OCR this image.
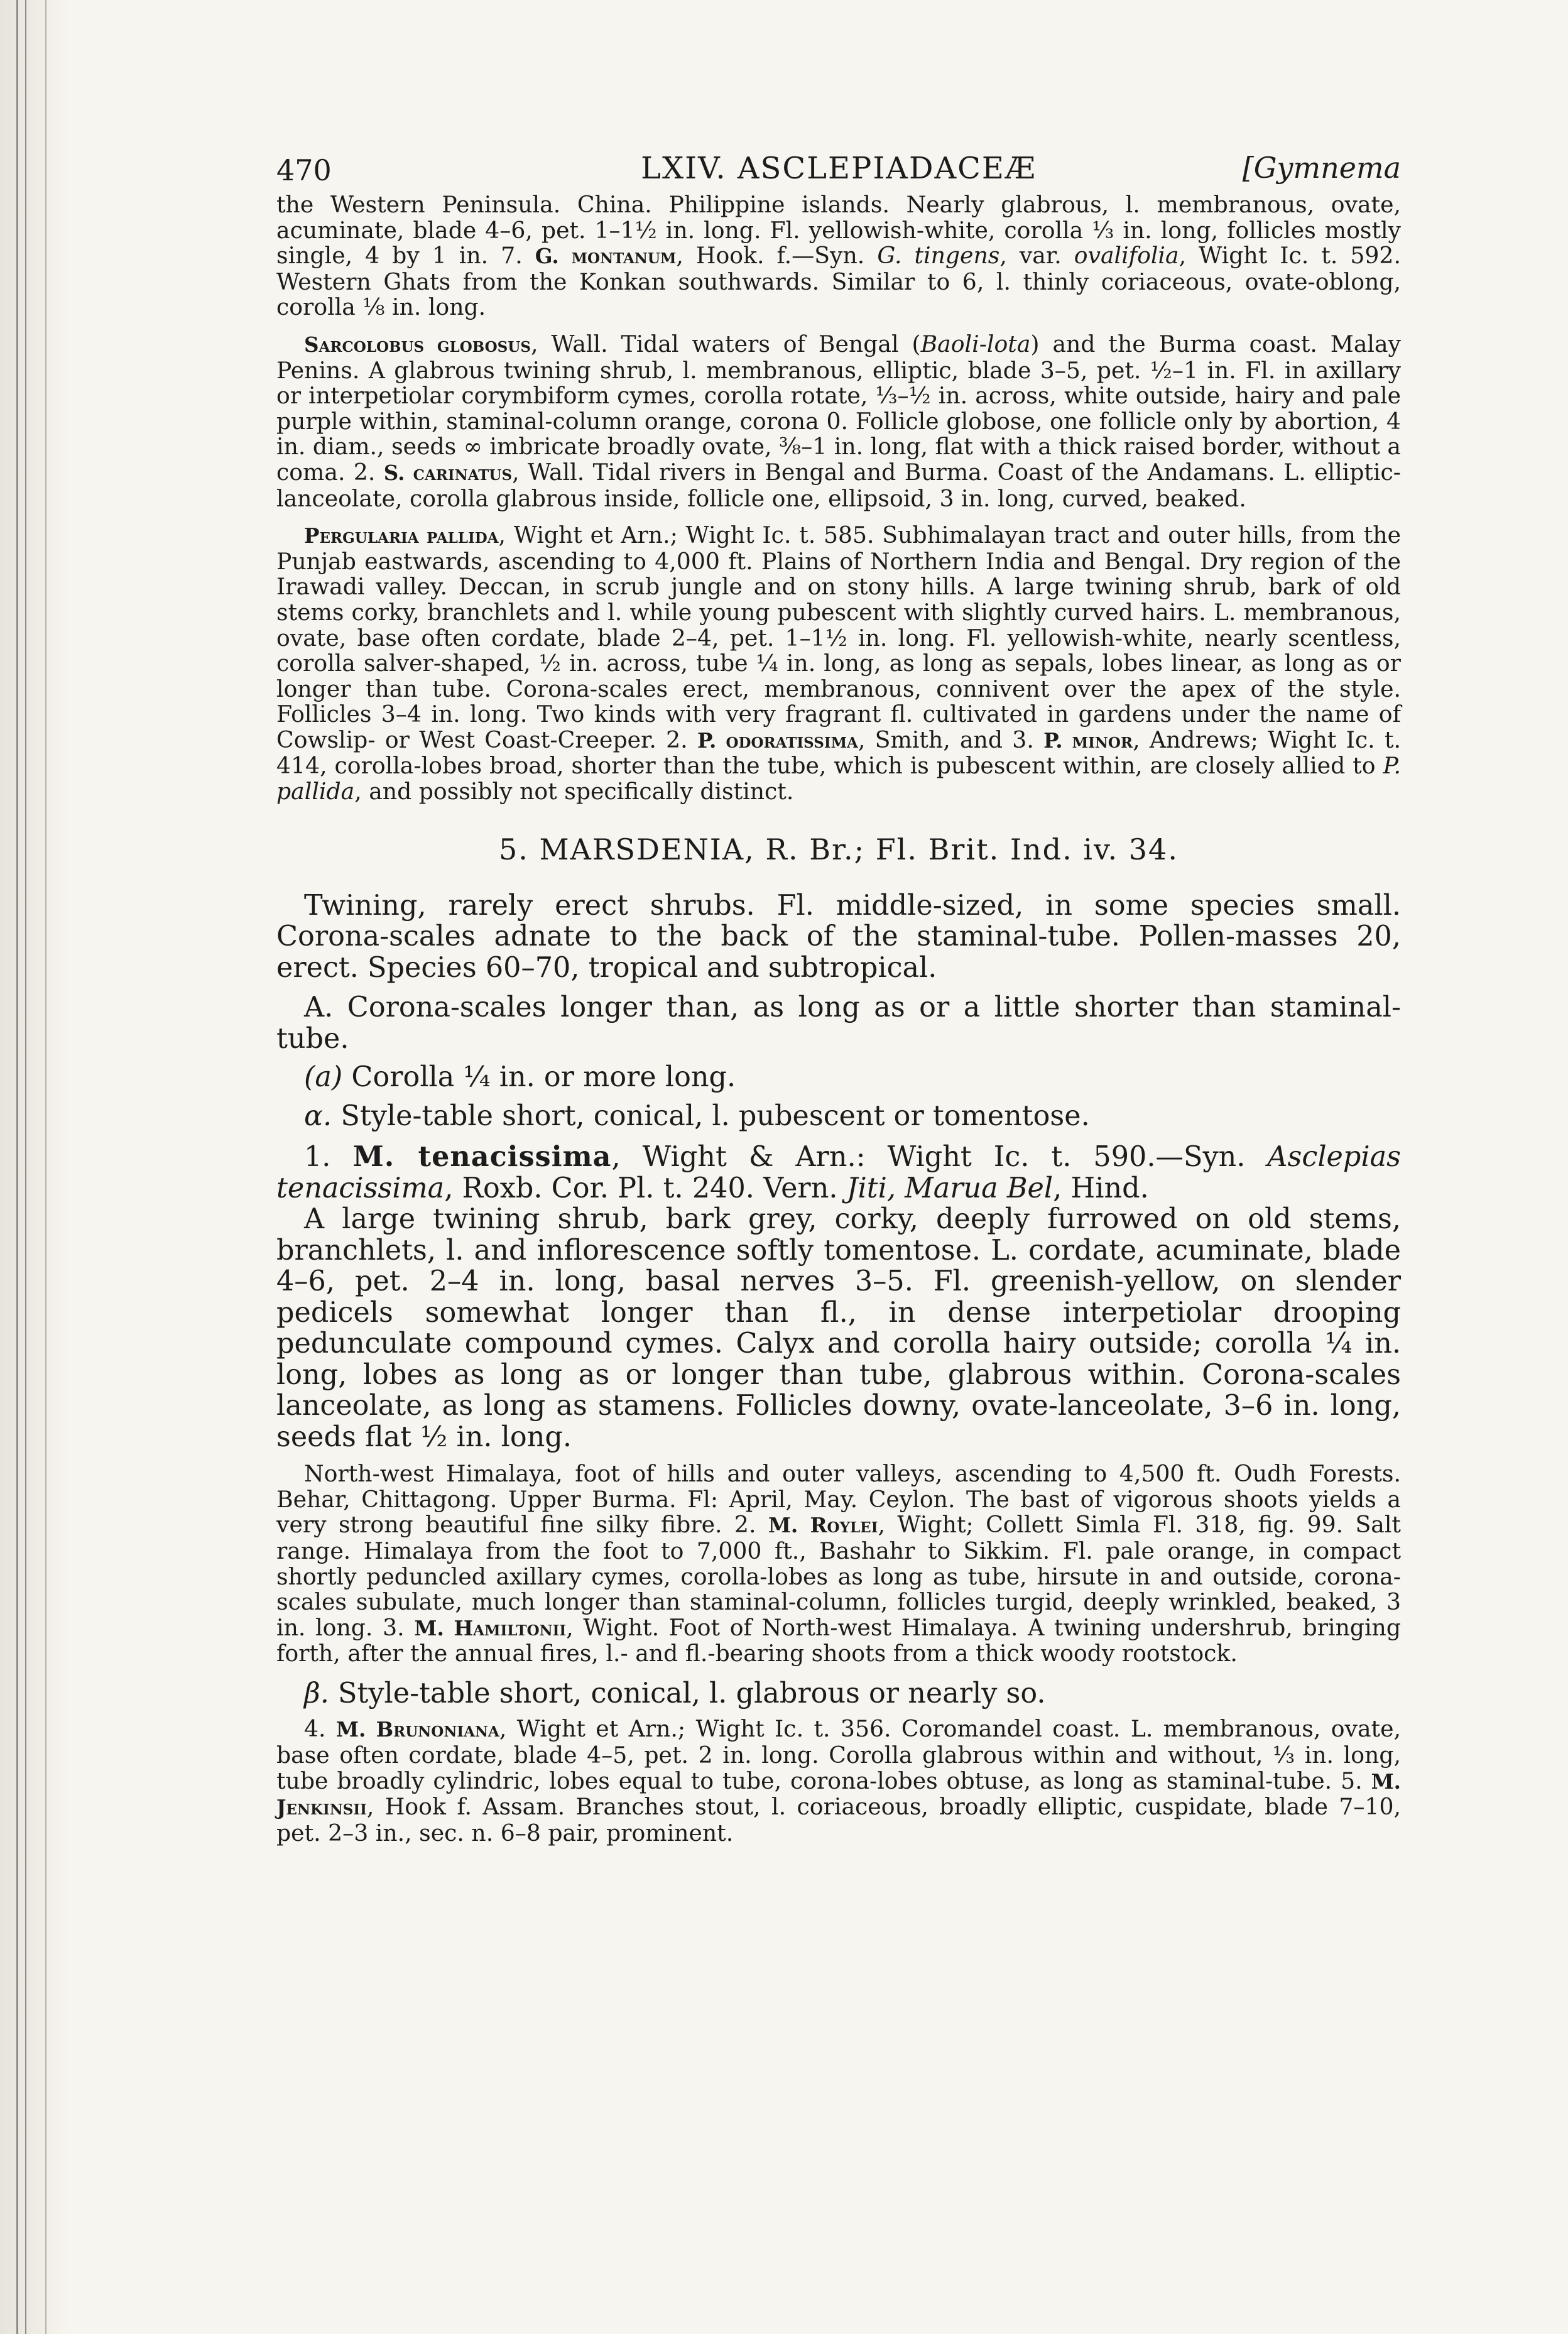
470	LXIV. ASCLEPIADACEÆ	[Gymnema

the Western Peninsula. China. Philippine islands. Nearly glabrous, l. membranous, ovate, acuminate, blade 4–6, pet. 1–1½ in. long. Fl. yellowish-white, corolla ⅓ in. long, follicles mostly single, 4 by 1 in. 7. G. montanum, Hook. f.—Syn. G. tingens, var. ovalifolia, Wight Ic. t. 592. Western Ghats from the Konkan southwards. Similar to 6, l. thinly coriaceous, ovate-oblong, corolla ⅛ in. long.

Sarcolobus globosus, Wall. Tidal waters of Bengal (Baoli-lota) and the Burma coast. Malay Penins. A glabrous twining shrub, l. membranous, elliptic, blade 3–5, pet. ½–1 in. Fl. in axillary or interpetiolar corymbiform cymes, corolla rotate, ⅓–½ in. across, white outside, hairy and pale purple within, staminal-column orange, corona 0. Follicle globose, one follicle only by abortion, 4 in. diam., seeds ∞ imbricate broadly ovate, ⅜–1 in. long, flat with a thick raised border, without a coma. 2. S. carinatus, Wall. Tidal rivers in Bengal and Burma. Coast of the Andamans. L. elliptic-lanceolate, corolla glabrous inside, follicle one, ellipsoid, 3 in. long, curved, beaked.

Pergularia pallida, Wight et Arn.; Wight Ic. t. 585. Subhimalayan tract and outer hills, from the Punjab eastwards, ascending to 4,000 ft. Plains of Northern India and Bengal. Dry region of the Irawadi valley. Deccan, in scrub jungle and on stony hills. A large twining shrub, bark of old stems corky, branchlets and l. while young pubescent with slightly curved hairs. L. membranous, ovate, base often cordate, blade 2–4, pet. 1–1½ in. long. Fl. yellowish-white, nearly scentless, corolla salver-shaped, ½ in. across, tube ¼ in. long, as long as sepals, lobes linear, as long as or longer than tube. Corona-scales erect, membranous, connivent over the apex of the style. Follicles 3–4 in. long. Two kinds with very fragrant fl. cultivated in gardens under the name of Cowslip- or West Coast-Creeper. 2. P. odoratissima, Smith, and 3. P. minor, Andrews; Wight Ic. t. 414, corolla-lobes broad, shorter than the tube, which is pubescent within, are closely allied to P. pallida, and possibly not specifically distinct.

5. MARSDENIA, R. Br.; Fl. Brit. Ind. iv. 34.

Twining, rarely erect shrubs. Fl. middle-sized, in some species small. Corona-scales adnate to the back of the staminal-tube. Pollen-masses 20, erect. Species 60–70, tropical and subtropical.

A. Corona-scales longer than, as long as or a little shorter than staminal-tube.

(a) Corolla ¼ in. or more long.

α. Style-table short, conical, l. pubescent or tomentose.

1. M. tenacissima, Wight & Arn.: Wight Ic. t. 590.—Syn. Asclepias tenacissima, Roxb. Cor. Pl. t. 240. Vern. Jiti, Marua Bel, Hind.

A large twining shrub, bark grey, corky, deeply furrowed on old stems, branchlets, l. and inflorescence softly tomentose. L. cordate, acuminate, blade 4–6, pet. 2–4 in. long, basal nerves 3–5. Fl. greenish-yellow, on slender pedicels somewhat longer than fl., in dense interpetiolar drooping pedunculate compound cymes. Calyx and corolla hairy outside; corolla ¼ in. long, lobes as long as or longer than tube, glabrous within. Corona-scales lanceolate, as long as stamens. Follicles downy, ovate-lanceolate, 3–6 in. long, seeds flat ½ in. long.

North-west Himalaya, foot of hills and outer valleys, ascending to 4,500 ft. Oudh Forests. Behar, Chittagong. Upper Burma. Fl: April, May. Ceylon. The bast of vigorous shoots yields a very strong beautiful fine silky fibre. 2. M. Roylei, Wight; Collett Simla Fl. 318, fig. 99. Salt range. Himalaya from the foot to 7,000 ft., Bashahr to Sikkim. Fl. pale orange, in compact shortly peduncled axillary cymes, corolla-lobes as long as tube, hirsute in and outside, corona-scales subulate, much longer than staminal-column, follicles turgid, deeply wrinkled, beaked, 3 in. long. 3. M. Hamiltonii, Wight. Foot of North-west Himalaya. A twining undershrub, bringing forth, after the annual fires, l.- and fl.-bearing shoots from a thick woody rootstock.

β. Style-table short, conical, l. glabrous or nearly so.

4. M. Brunoniana, Wight et Arn.; Wight Ic. t. 356. Coromandel coast. L. membranous, ovate, base often cordate, blade 4–5, pet. 2 in. long. Corolla glabrous within and without, ⅓ in. long, tube broadly cylindric, lobes equal to tube, corona-lobes obtuse, as long as staminal-tube. 5. M. Jenkinsii, Hook f. Assam. Branches stout, l. coriaceous, broadly elliptic, cuspidate, blade 7–10, pet. 2–3 in., sec. n. 6–8 pair, prominent.
